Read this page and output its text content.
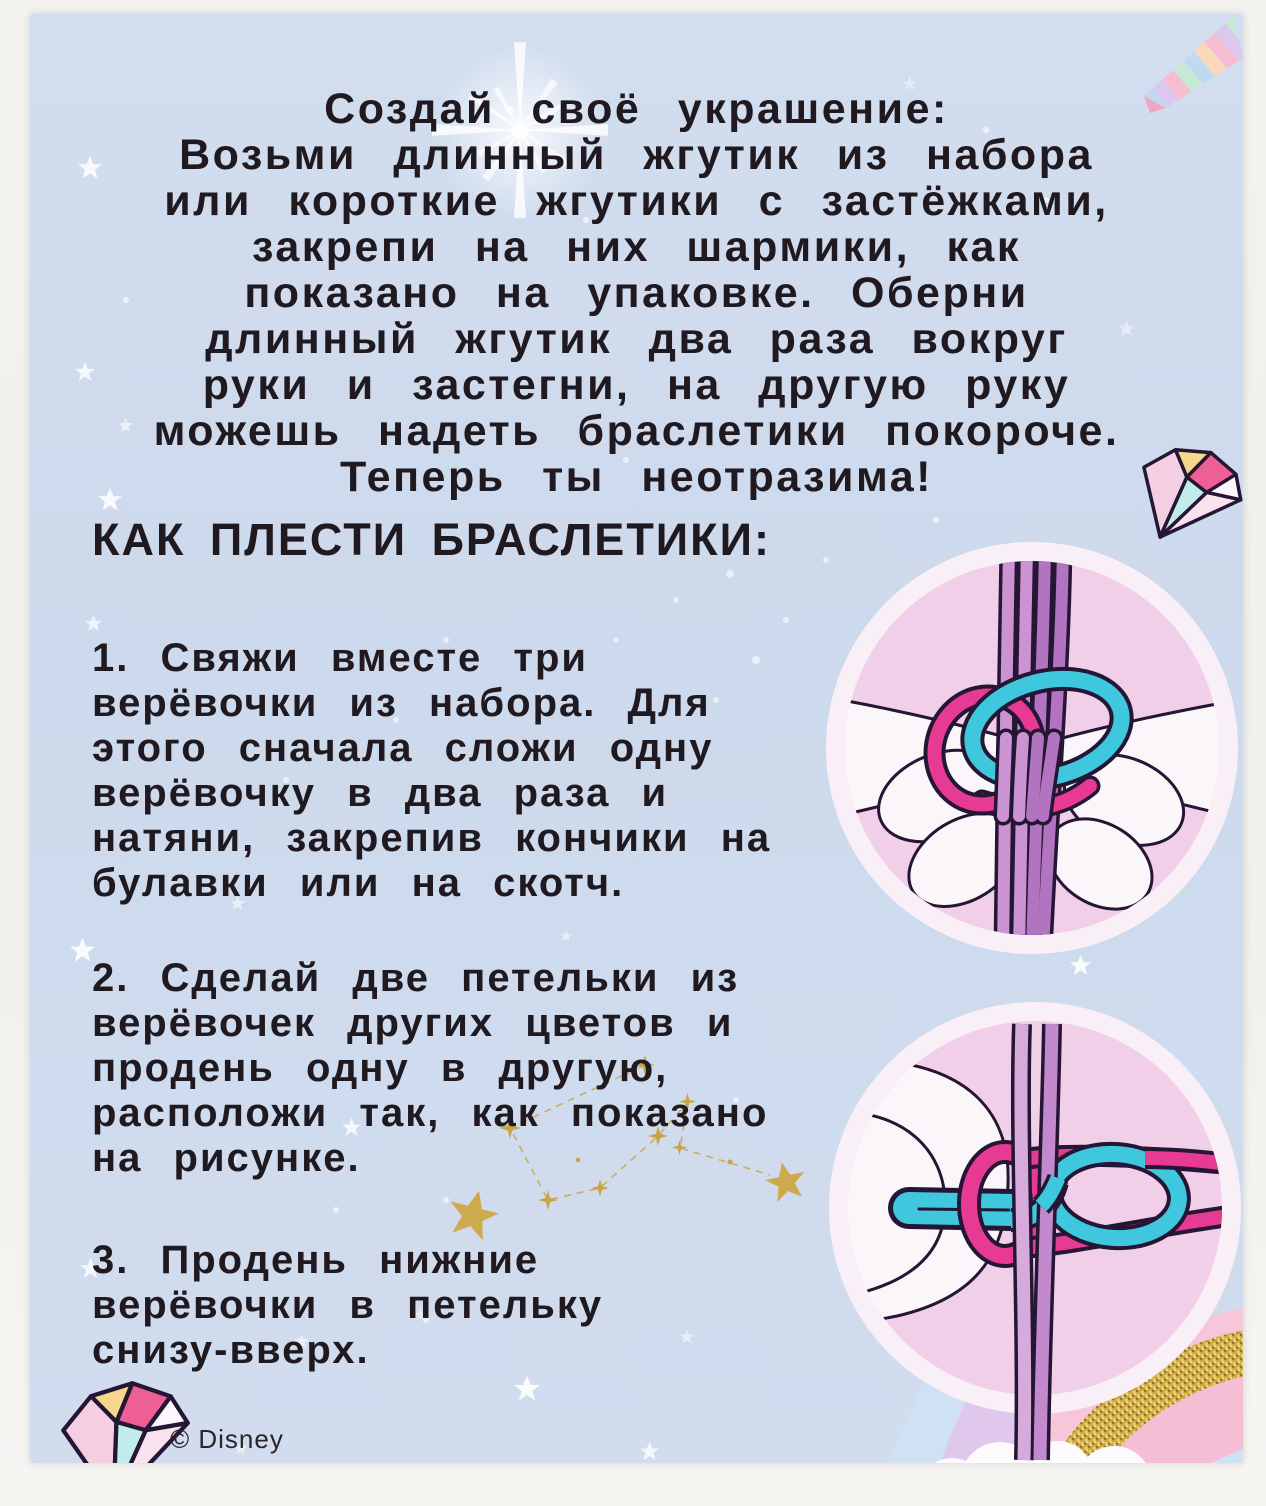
Создай своё украшение:
Возьми длинный жгутик из набора
или короткие жгутики с застёжками,
закрепи на них шармики, как
показано на упаковке. Оберни
длинный жгутик два раза вокруг
руки и застегни, на другую руку
можешь надеть браслетики покороче.
Теперь ты неотразима!
КАК ПЛЕСТИ БРАСЛЕТИКИ:
1. Свяжи вместе три
верёвочки из набора. Для
этого сначала сложи одну
верёвочку в два раза и
натяни, закрепив кончики на
булавки или на скотч.
2. Сделай две петельки из
верёвочек других цветов и
продень одну в другую,
расположи так, как показано
на рисунке.
3. Продень нижние
верёвочки в петельку
снизу-вверх.
© Disney
